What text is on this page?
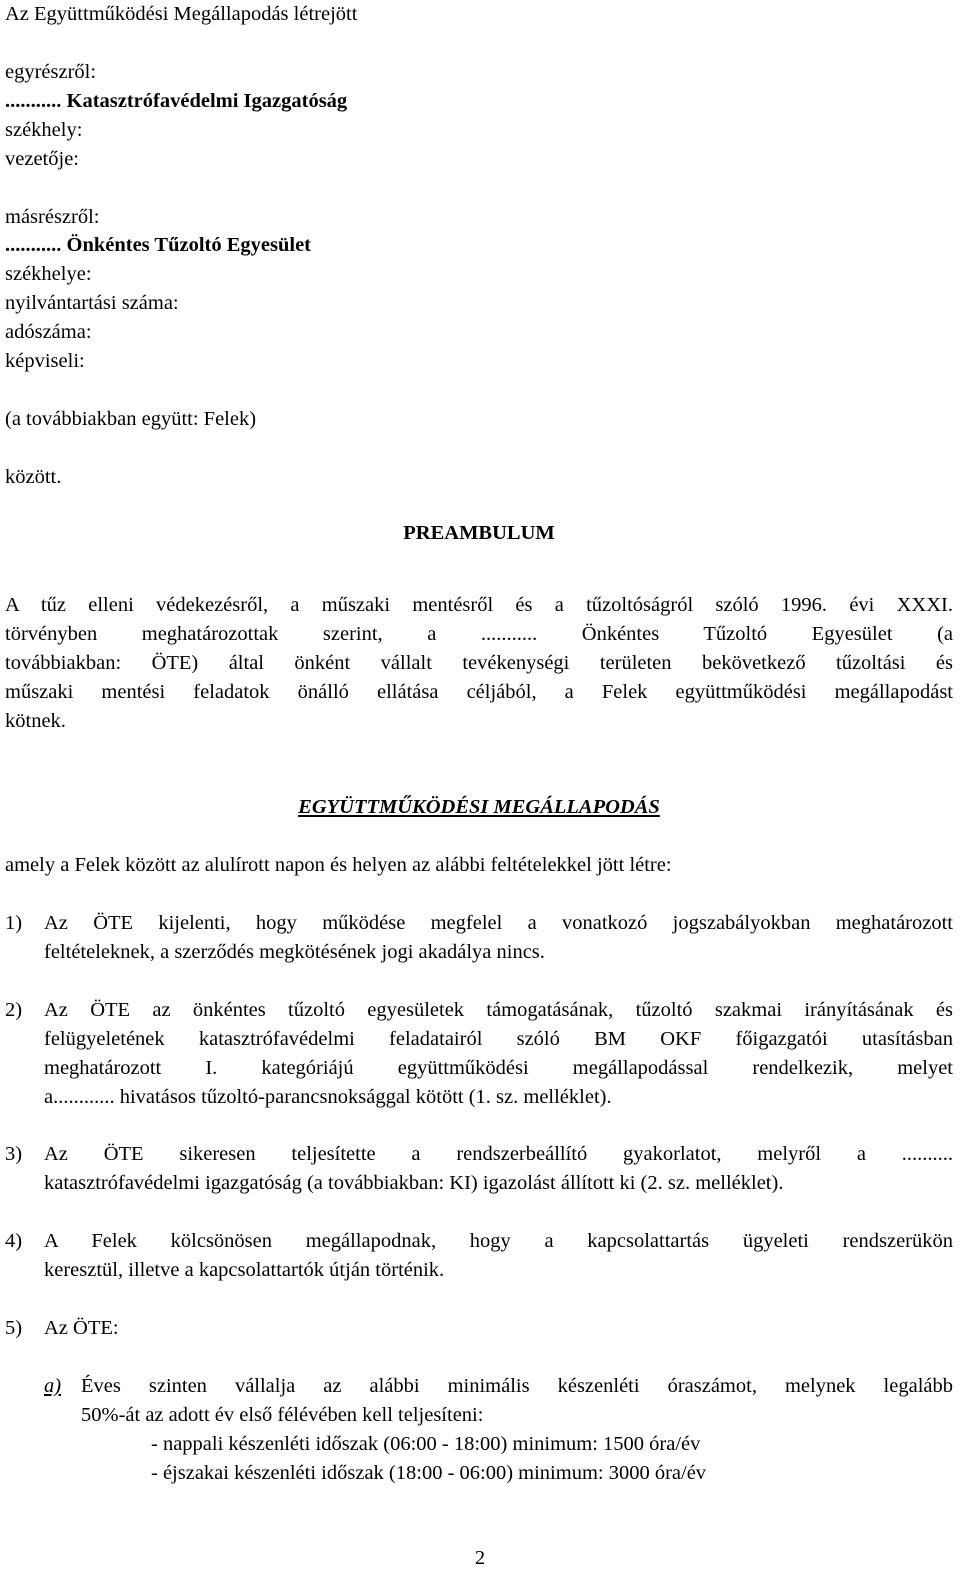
Az Együttműködési Megállapodás létrejött
egyrészről:
........... Katasztrófavédelmi Igazgatóság
székhely:
vezetője:
másrészről:
........... Önkéntes Tűzoltó Egyesület
székhelye:
nyilvántartási száma:
adószáma:
képviseli:
(a továbbiakban együtt: Felek)
között.
PREAMBULUM
A tűz elleni védekezésről, a műszaki mentésről és a tűzoltóságról szóló 1996. évi XXXI.
törvényben meghatározottak szerint, a ........... Önkéntes Tűzoltó Egyesület (a
továbbiakban: ÖTE) által önként vállalt tevékenységi területen bekövetkező tűzoltási és
műszaki mentési feladatok önálló ellátása céljából, a Felek együttműködési megállapodást
kötnek.
EGYÜTTMŰKÖDÉSI MEGÁLLAPODÁS
amely a Felek között az alulírott napon és helyen az alábbi feltételekkel jött létre:
1)	Az ÖTE kijelenti, hogy működése megfelel a vonatkozó jogszabályokban meghatározott
feltételeknek, a szerződés megkötésének jogi akadálya nincs.
2)	Az ÖTE az önkéntes tűzoltó egyesületek támogatásának, tűzoltó szakmai irányításának és
felügyeletének katasztrófavédelmi feladatairól szóló BM OKF főigazgatói utasításban
meghatározott I. kategóriájú együttműködési megállapodással rendelkezik, melyet
a............ hivatásos tűzoltó-parancsnoksággal kötött (1. sz. melléklet).
3)	Az ÖTE sikeresen teljesítette a rendszerbeállító gyakorlatot, melyről a ..........
katasztrófavédelmi igazgatóság (a továbbiakban: KI) igazolást állított ki (2. sz. melléklet).
4)	A Felek kölcsönösen megállapodnak, hogy a kapcsolattartás ügyeleti rendszerükön
keresztül, illetve a kapcsolattartók útján történik.
5)	Az ÖTE:
a) Éves szinten vállalja az alábbi minimális készenléti óraszámot, melynek legalább
50%-át az adott év első félévében kell teljesíteni:
- nappali készenléti időszak (06:00 - 18:00) minimum: 1500 óra/év
- éjszakai készenléti időszak (18:00 - 06:00) minimum: 3000 óra/év
2
